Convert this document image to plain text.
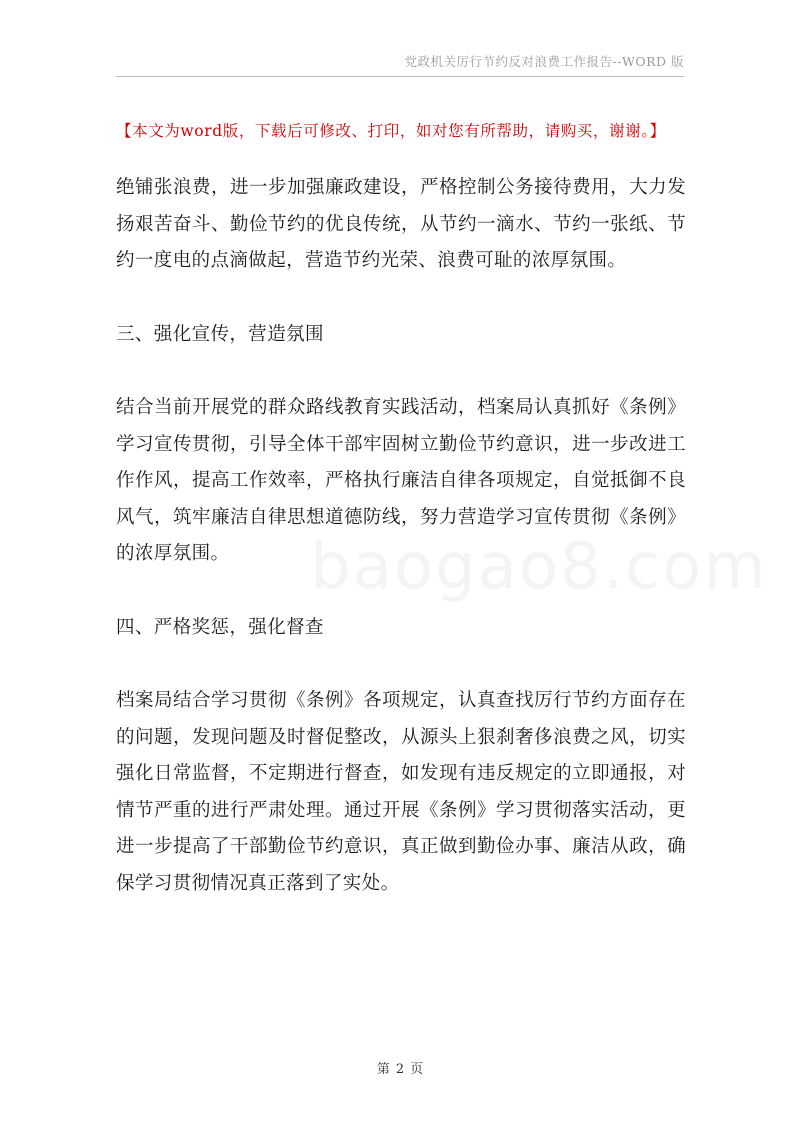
党政机关厉行节约反对浪费工作报告--WORD 版
【本文为word版，下载后可修改、打印，如对您有所帮助，请购买，谢谢。】
baogao8.com

绝铺张浪费，进一步加强廉政建设，严格控制公务接待费用，大力发扬艰苦奋斗、勤俭节约的优良传统，从节约一滴水、节约一张纸、节约一度电的点滴做起，营造节约光荣、浪费可耻的浓厚氛围。

三、强化宣传，营造氛围

结合当前开展党的群众路线教育实践活动，档案局认真抓好《条例》学习宣传贯彻，引导全体干部牢固树立勤俭节约意识，进一步改进工作作风，提高工作效率，严格执行廉洁自律各项规定，自觉抵御不良风气，筑牢廉洁自律思想道德防线，努力营造学习宣传贯彻《条例》的浓厚氛围。

四、严格奖惩，强化督查

档案局结合学习贯彻《条例》各项规定，认真查找厉行节约方面存在的问题，发现问题及时督促整改，从源头上狠刹奢侈浪费之风，切实强化日常监督，不定期进行督查，如发现有违反规定的立即通报，对情节严重的进行严肃处理。通过开展《条例》学习贯彻落实活动，更进一步提高了干部勤俭节约意识，真正做到勤俭办事、廉洁从政，确保学习贯彻情况真正落到了实处。

第 2 页
